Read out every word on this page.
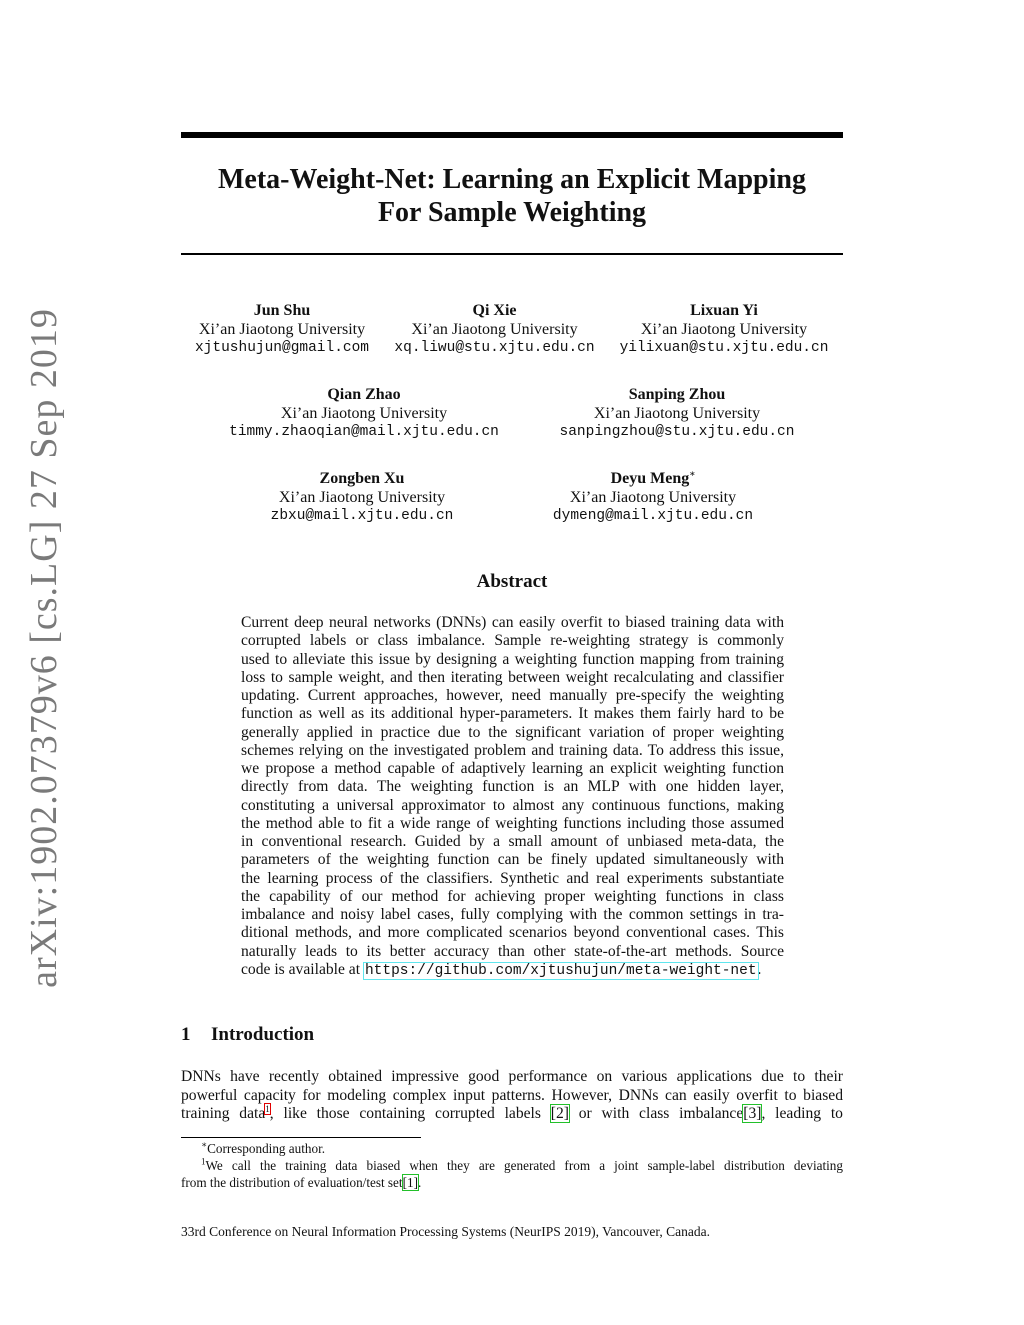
arXiv:1902.07379v6 [cs.LG] 27 Sep 2019
Meta-Weight-Net: Learning an Explicit Mapping
For Sample Weighting
Jun Shu
Xi’an Jiaotong University
xjtushujun@gmail.com
Qi Xie
Xi’an Jiaotong University
xq.liwu@stu.xjtu.edu.cn
Lixuan Yi
Xi’an Jiaotong University
yilixuan@stu.xjtu.edu.cn
Qian Zhao
Xi’an Jiaotong University
timmy.zhaoqian@mail.xjtu.edu.cn
Sanping Zhou
Xi’an Jiaotong University
sanpingzhou@stu.xjtu.edu.cn
Zongben Xu
Xi’an Jiaotong University
zbxu@mail.xjtu.edu.cn
Deyu Meng∗
Xi’an Jiaotong University
dymeng@mail.xjtu.edu.cn
Abstract
Current deep neural networks (DNNs) can easily overfit to biased training data with
corrupted labels or class imbalance. Sample re-weighting strategy is commonly
used to alleviate this issue by designing a weighting function mapping from training
loss to sample weight, and then iterating between weight recalculating and classifier
updating. Current approaches, however, need manually pre-specify the weighting
function as well as its additional hyper-parameters. It makes them fairly hard to be
generally applied in practice due to the significant variation of proper weighting
schemes relying on the investigated problem and training data. To address this issue,
we propose a method capable of adaptively learning an explicit weighting function
directly from data. The weighting function is an MLP with one hidden layer,
constituting a universal approximator to almost any continuous functions, making
the method able to fit a wide range of weighting functions including those assumed
in conventional research. Guided by a small amount of unbiased meta-data, the
parameters of the weighting function can be finely updated simultaneously with
the learning process of the classifiers. Synthetic and real experiments substantiate
the capability of our method for achieving proper weighting functions in class
imbalance and noisy label cases, fully complying with the common settings in tra-
ditional methods, and more complicated scenarios beyond conventional cases. This
naturally leads to its better accuracy than other state-of-the-art methods. Source
code is available at https://github.com/xjtushujun/meta-weight-net.
1 Introduction
DNNs have recently obtained impressive good performance on various applications due to their
powerful capacity for modeling complex input patterns. However, DNNs can easily overfit to biased
training data$^1$, like those containing corrupted labels [2] or with class imbalance[3], leading to
∗Corresponding author.
$^1$We call the training data biased when they are generated from a joint sample-label distribution deviating
from the distribution of evaluation/test set[1].
33rd Conference on Neural Information Processing Systems (NeurIPS 2019), Vancouver, Canada.
